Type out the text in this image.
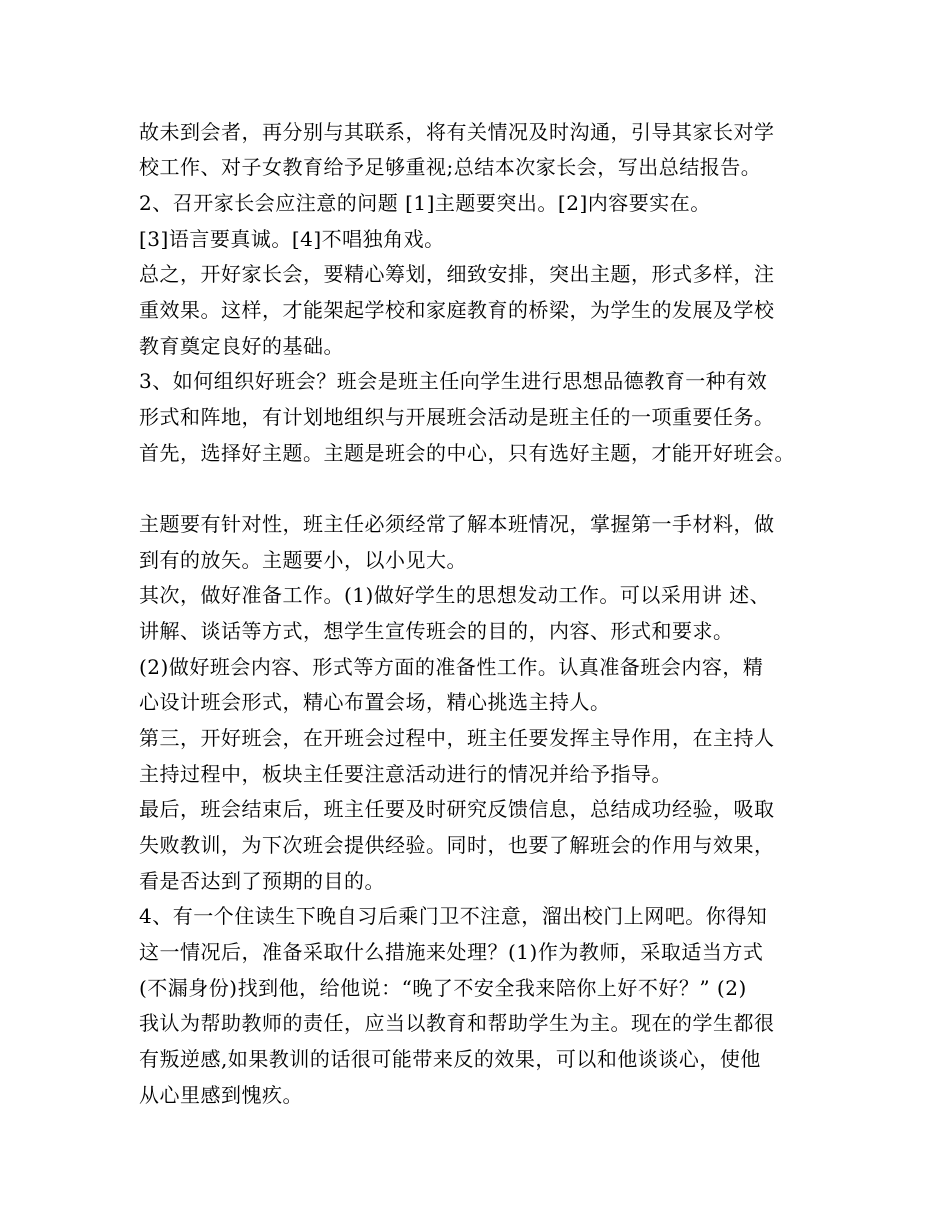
故未到会者，再分别与其联系，将有关情况及时沟通，引导其家长对学
校工作、对子女教育给予足够重视;总结本次家长会，写出总结报告。
2、召开家长会应注意的问题 [1]主题要突出。[2]内容要实在。
[3]语言要真诚。[4]不唱独角戏。
总之，开好家长会，要精心筹划，细致安排，突出主题，形式多样，注
重效果。这样，才能架起学校和家庭教育的桥梁，为学生的发展及学校
教育奠定良好的基础。
3、如何组织好班会？班会是班主任向学生进行思想品德教育一种有效
形式和阵地，有计划地组织与开展班会活动是班主任的一项重要任务。
首先，选择好主题。主题是班会的中心，只有选好主题，才能开好班会。
主题要有针对性，班主任必须经常了解本班情况，掌握第一手材料，做
到有的放矢。主题要小，以小见大。
其次，做好准备工作。(1)做好学生的思想发动工作。可以采用讲 述、
讲解、谈话等方式，想学生宣传班会的目的，内容、形式和要求。
(2)做好班会内容、形式等方面的准备性工作。认真准备班会内容，精
心设计班会形式，精心布置会场，精心挑选主持人。
第三，开好班会，在开班会过程中，班主任要发挥主导作用，在主持人
主持过程中，板块主任要注意活动进行的情况并给予指导。
最后，班会结束后，班主任要及时研究反馈信息，总结成功经验，吸取
失败教训，为下次班会提供经验。同时，也要了解班会的作用与效果，
看是否达到了预期的目的。
4、有一个住读生下晚自习后乘门卫不注意，溜出校门上网吧。你得知
这一情况后，准备采取什么措施来处理？(1)作为教师，采取适当方式
(不漏身份)找到他，给他说：“晚了不安全我来陪你上好不好？” (2)
我认为帮助教师的责任，应当以教育和帮助学生为主。现在的学生都很
有叛逆感,如果教训的话很可能带来反的效果，可以和他谈谈心，使他
从心里感到愧疚。
